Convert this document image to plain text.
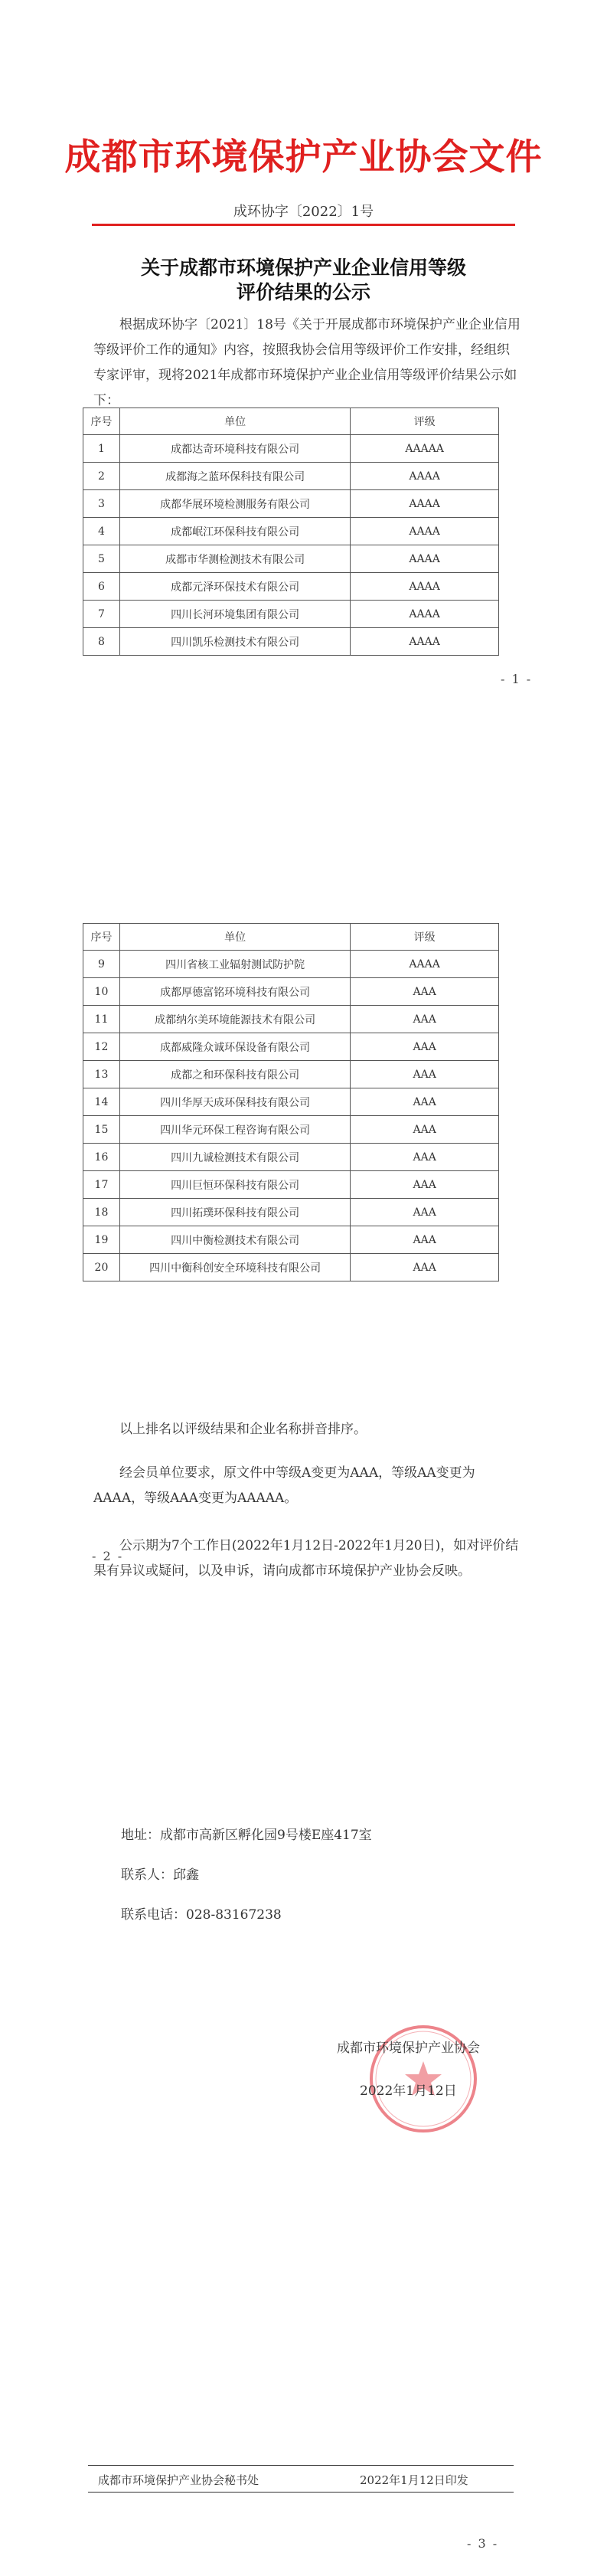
成都市环境保护产业协会文件
成环协字〔2022〕1号
关于成都市环境保护产业企业信用等级
评价结果的公示

根据成环协字〔2021〕18号《关于开展成都市环境保护产业企业信用等级评价工作的通知》内容，按照我协会信用等级评价工作安排，经组织专家评审，现将2021年成都市环境保护产业企业信用等级评价结果公示如下：

序号	单位	评级
1	成都达奇环境科技有限公司	AAAAA
2	成都海之蓝环保科技有限公司	AAAA
3	成都华展环境检测服务有限公司	AAAA
4	成都岷江环保科技有限公司	AAAA
5	成都市华测检测技术有限公司	AAAA
6	成都元泽环保技术有限公司	AAAA
7	四川长河环境集团有限公司	AAAA
8	四川凯乐检测技术有限公司	AAAA
- 1 -
序号	单位	评级
9	四川省核工业辐射测试防护院	AAAA
10	成都厚德富铭环境科技有限公司	AAA
11	成都纳尔美环境能源技术有限公司	AAA
12	成都威隆众诚环保设备有限公司	AAA
13	成都之和环保科技有限公司	AAA
14	四川华厚天成环保科技有限公司	AAA
15	四川华元环保工程咨询有限公司	AAA
16	四川九诚检测技术有限公司	AAA
17	四川巨恒环保科技有限公司	AAA
18	四川拓璞环保科技有限公司	AAA
19	四川中衡检测技术有限公司	AAA
20	四川中衡科创安全环境科技有限公司	AAA

以上排名以评级结果和企业名称拼音排序。

经会员单位要求，原文件中等级A变更为AAA，等级AA变更为AAAA，等级AAA变更为AAAAA。

公示期为7个工作日(2022年1月12日-2022年1月20日)，如对评价结果有异议或疑问，以及申诉，请向成都市环境保护产业协会反映。

- 2 -
地址：成都市高新区孵化园9号楼E座417室
联系人：邱鑫
联系电话：028-83167238
成都市环境保护产业协会
2022年1月12日
成都市环境保护产业协会秘书处	2022年1月12日印发
- 3 -
